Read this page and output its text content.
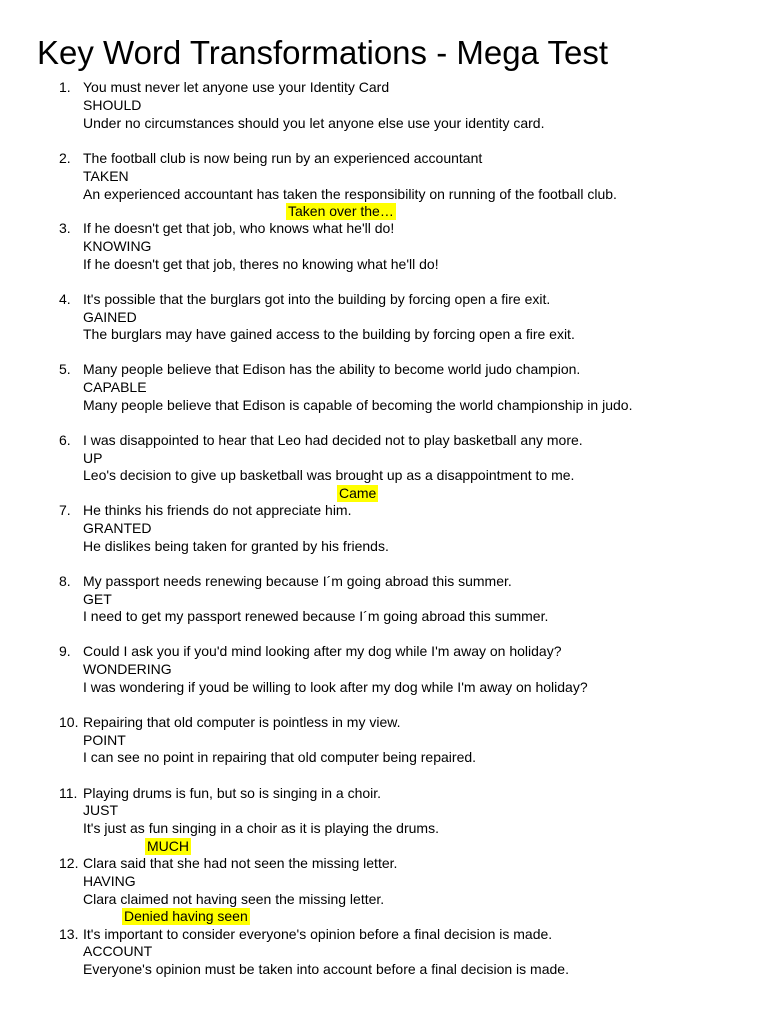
Key Word Transformations - Mega Test
1. You must never let anyone use your Identity Card
SHOULD
Under no circumstances should you let anyone else use your identity card.
2. The football club is now being run by an experienced accountant
TAKEN
An experienced accountant has taken the responsibility on running of the football club.
Taken over the…
3. If he doesn't get that job, who knows what he'll do!
KNOWING
If he doesn't get that job, theres no knowing what he'll do!
4. It's possible that the burglars got into the building by forcing open a fire exit.
GAINED
The burglars may have gained access to the building by forcing open a fire exit.
5. Many people believe that Edison has the ability to become world judo champion.
CAPABLE
Many people believe that Edison is capable of becoming the world championship in judo.
6. I was disappointed to hear that Leo had decided not to play basketball any more.
UP
Leo's decision to give up basketball was brought up as a disappointment to me.
Came
7. He thinks his friends do not appreciate him.
GRANTED
He dislikes being taken for granted by his friends.
8. My passport needs renewing because I´m going abroad this summer.
GET
I need to get my passport renewed because I´m going abroad this summer.
9. Could I ask you if you'd mind looking after my dog while I'm away on holiday?
WONDERING
I was wondering if youd be willing to look after my dog while I'm away on holiday?
10. Repairing that old computer is pointless in my view.
POINT
I can see no point in repairing that old computer being repaired.
11. Playing drums is fun, but so is singing in a choir.
JUST
It's just as fun singing in a choir as it is playing the drums.
MUCH
12. Clara said that she had not seen the missing letter.
HAVING
Clara claimed not having seen the missing letter.
Denied having seen
13. It's important to consider everyone's opinion before a final decision is made.
ACCOUNT
Everyone's opinion must be taken into account before a final decision is made.
